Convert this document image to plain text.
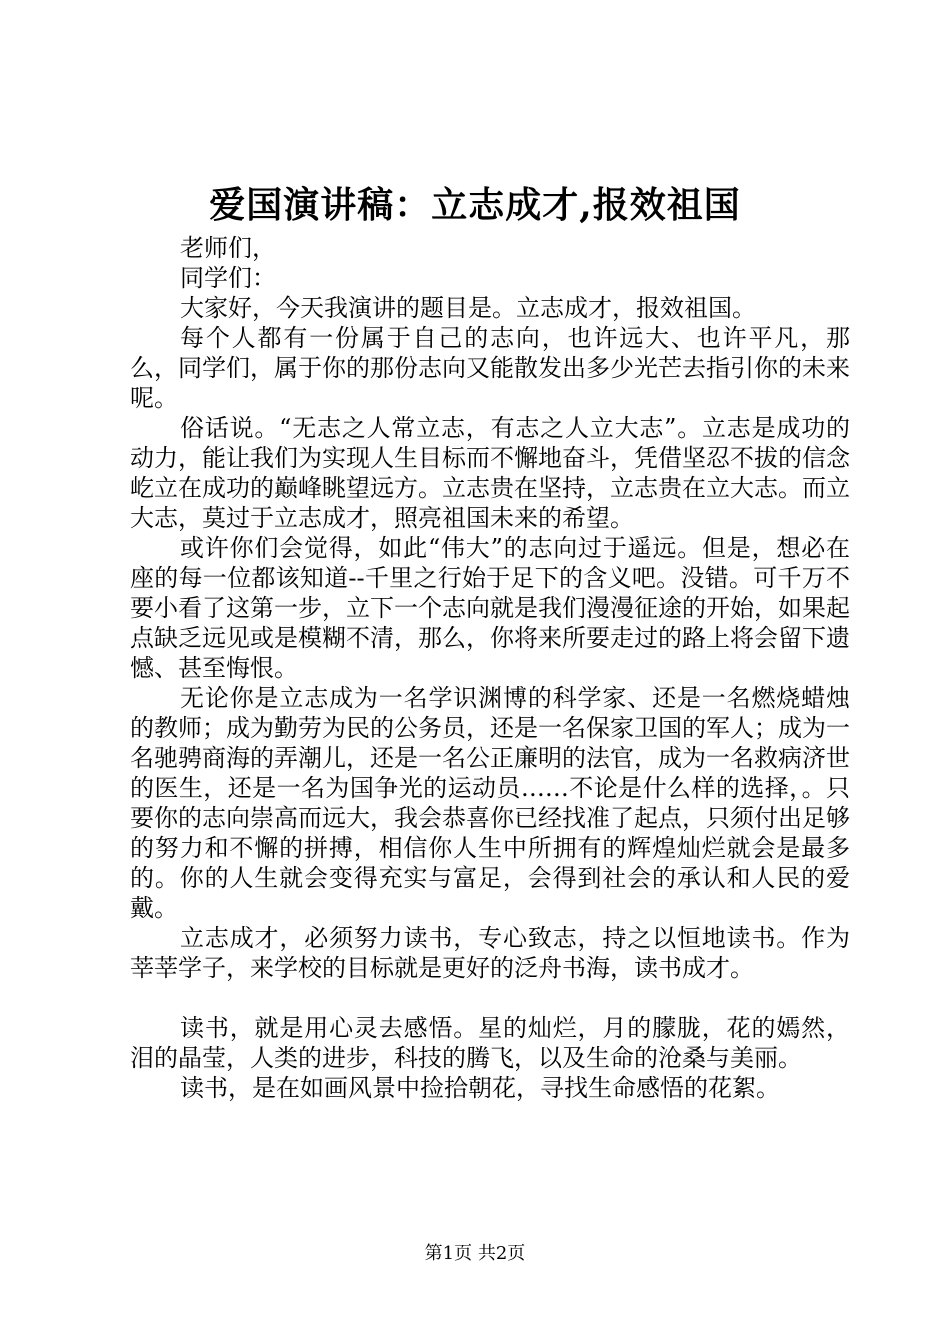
爱国演讲稿：立志成才,报效祖国

老师们，

同学们：

大家好，今天我演讲的题目是。立志成才，报效祖国。

每个人都有一份属于自己的志向，也许远大、也许平凡，那么，同学们，属于你的那份志向又能散发出多少光芒去指引你的未来呢。

俗话说。“无志之人常立志，有志之人立大志”。立志是成功的动力，能让我们为实现人生目标而不懈地奋斗，凭借坚忍不拔的信念屹立在成功的巅峰眺望远方。立志贵在坚持，立志贵在立大志。而立大志，莫过于立志成才，照亮祖国未来的希望。

或许你们会觉得，如此“伟大”的志向过于遥远。但是，想必在座的每一位都该知道--千里之行始于足下的含义吧。没错。可千万不要小看了这第一步，立下一个志向就是我们漫漫征途的开始，如果起点缺乏远见或是模糊不清，那么，你将来所要走过的路上将会留下遗憾、甚至悔恨。

无论你是立志成为一名学识渊博的科学家、还是一名燃烧蜡烛的教师；成为勤劳为民的公务员，还是一名保家卫国的军人；成为一名驰骋商海的弄潮儿，还是一名公正廉明的法官，成为一名救病济世的医生，还是一名为国争光的运动员……不论是什么样的选择，。只要你的志向崇高而远大，我会恭喜你已经找准了起点，只须付出足够的努力和不懈的拼搏，相信你人生中所拥有的辉煌灿烂就会是最多的。你的人生就会变得充实与富足，会得到社会的承认和人民的爱戴。

立志成才，必须努力读书，专心致志，持之以恒地读书。作为莘莘学子，来学校的目标就是更好的泛舟书海，读书成才。

读书，就是用心灵去感悟。星的灿烂，月的朦胧，花的嫣然，泪的晶莹，人类的进步，科技的腾飞，以及生命的沧桑与美丽。

读书，是在如画风景中捡拾朝花，寻找生命感悟的花絮。

第1页 共2页
